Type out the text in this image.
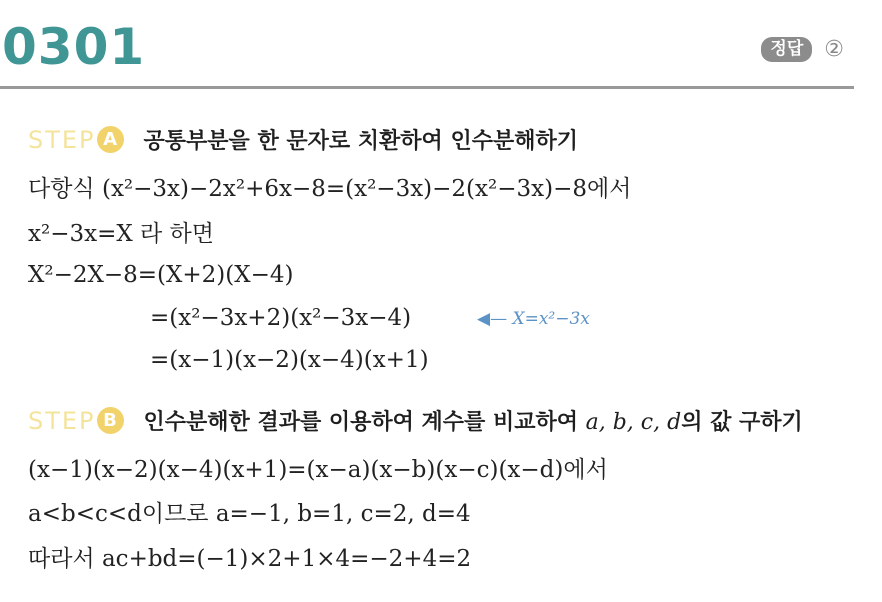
0301	정답 ②
STEP A 공통부분을 한 문자로 치환하여 인수분해하기
다항식 (x²−3x)−2x²+6x−8=(x²−3x)−2(x²−3x)−8에서
x²−3x=X 라 하면
X²−2X−8=(X+2)(X−4)
=(x²−3x+2)(x²−3x−4)	◀— X=x²−3x
=(x−1)(x−2)(x−4)(x+1)
STEP B	인수분해한 결과를 이용하여 계수를 비교하여 a, b, c, d의 값 구하기
(x−1)(x−2)(x−4)(x+1)=(x−a)(x−b)(x−c)(x−d)에서
a<b<c<d이므로 a=−1, b=1, c=2, d=4
따라서 ac+bd=(−1)×2+1×4=−2+4=2
